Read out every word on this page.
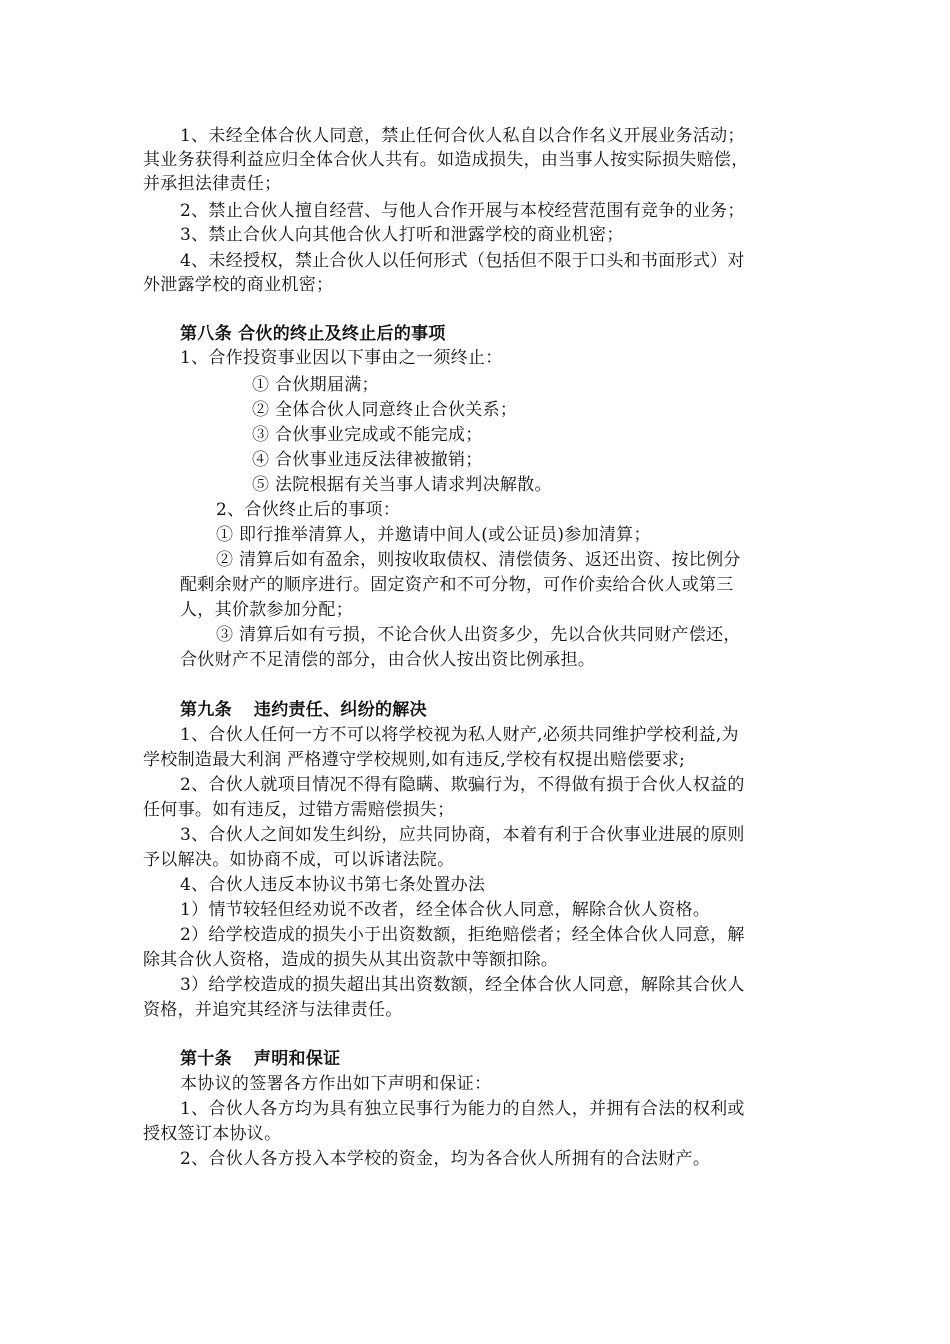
1、未经全体合伙人同意，禁止任何合伙人私自以合作名义开展业务活动；
其业务获得利益应归全体合伙人共有。如造成损失，由当事人按实际损失赔偿，
并承担法律责任；
2、禁止合伙人擅自经营、与他人合作开展与本校经营范围有竞争的业务；
3、禁止合伙人向其他合伙人打听和泄露学校的商业机密；
4、未经授权，禁止合伙人以任何形式（包括但不限于口头和书面形式）对
外泄露学校的商业机密；
第八条 合伙的终止及终止后的事项
1、合作投资事业因以下事由之一须终止：
① 合伙期届满；
② 全体合伙人同意终止合伙关系；
③ 合伙事业完成或不能完成；
④ 合伙事业违反法律被撤销；
⑤ 法院根据有关当事人请求判决解散。
2、合伙终止后的事项：
① 即行推举清算人，并邀请中间人(或公证员)参加清算；
② 清算后如有盈余，则按收取债权、清偿债务、返还出资、按比例分
配剩余财产的顺序进行。固定资产和不可分物，可作价卖给合伙人或第三
人，其价款参加分配；
③ 清算后如有亏损，不论合伙人出资多少，先以合伙共同财产偿还，
合伙财产不足清偿的部分，由合伙人按出资比例承担。
第九条 违约责任、纠纷的解决
1、合伙人任何一方不可以将学校视为私人财产,必须共同维护学校利益,为
学校制造最大利润 严格遵守学校规则,如有违反,学校有权提出赔偿要求;
2、合伙人就项目情况不得有隐瞒、欺骗行为，不得做有损于合伙人权益的
任何事。如有违反，过错方需赔偿损失；
3、合伙人之间如发生纠纷，应共同协商，本着有利于合伙事业进展的原则
予以解决。如协商不成，可以诉诸法院。
4、合伙人违反本协议书第七条处置办法
1）情节较轻但经劝说不改者，经全体合伙人同意，解除合伙人资格。
2）给学校造成的损失小于出资数额，拒绝赔偿者；经全体合伙人同意，解
除其合伙人资格，造成的损失从其出资款中等额扣除。
3）给学校造成的损失超出其出资数额，经全体合伙人同意，解除其合伙人
资格，并追究其经济与法律责任。
第十条 声明和保证
本协议的签署各方作出如下声明和保证：
1、合伙人各方均为具有独立民事行为能力的自然人，并拥有合法的权利或
授权签订本协议。
2、合伙人各方投入本学校的资金，均为各合伙人所拥有的合法财产。
